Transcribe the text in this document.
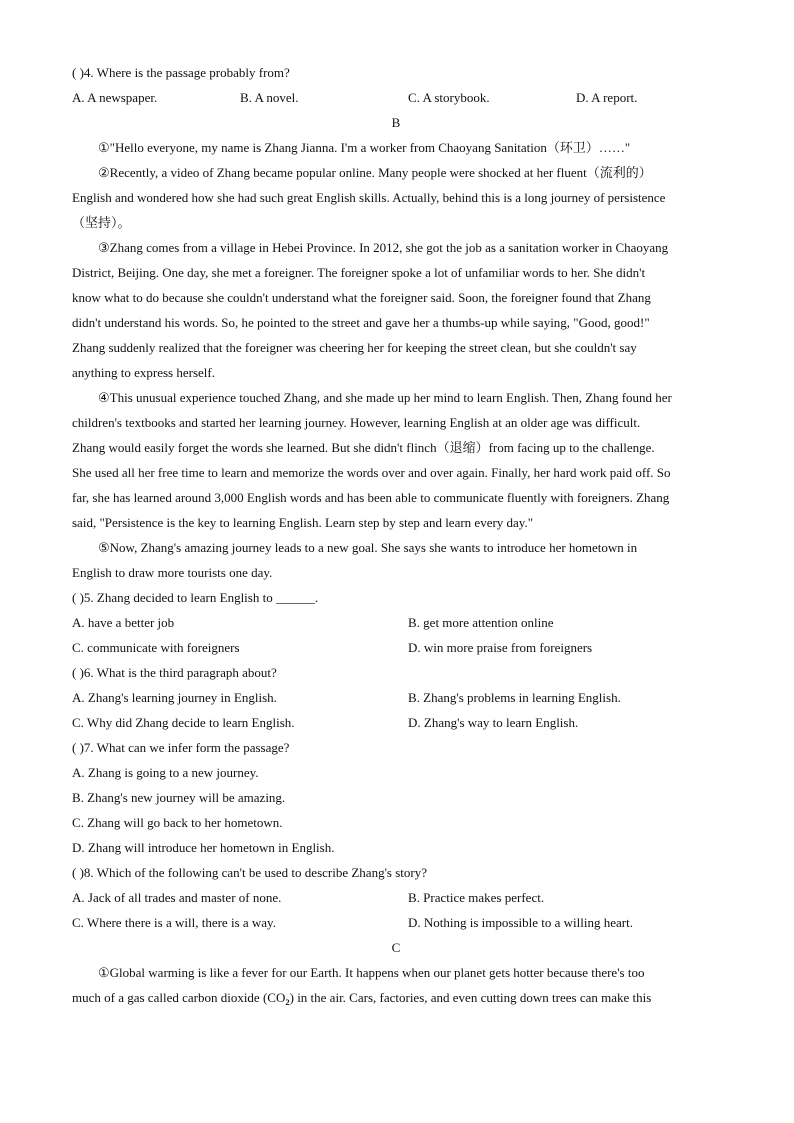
( )4. Where is the passage probably from?
A. A newspaper.	B. A novel.	C. A storybook.	D. A report.
B
①"Hello everyone, my name is Zhang Jianna. I'm a worker from Chaoyang Sanitation（环卫）……"
②Recently, a video of Zhang became popular online. Many people were shocked at her fluent（流利的）
English and wondered how she had such great English skills. Actually, behind this is a long journey of persistence
（坚持）。
③Zhang comes from a village in Hebei Province. In 2012, she got the job as a sanitation worker in Chaoyang
District, Beijing. One day, she met a foreigner. The foreigner spoke a lot of unfamiliar words to her. She didn't
know what to do because she couldn't understand what the foreigner said. Soon, the foreigner found that Zhang
didn't understand his words. So, he pointed to the street and gave her a thumbs-up while saying, "Good, good!"
Zhang suddenly realized that the foreigner was cheering her for keeping the street clean, but she couldn't say
anything to express herself.
④This unusual experience touched Zhang, and she made up her mind to learn English. Then, Zhang found her
children's textbooks and started her learning journey. However, learning English at an older age was difficult.
Zhang would easily forget the words she learned. But she didn't flinch（退缩）from facing up to the challenge.
She used all her free time to learn and memorize the words over and over again. Finally, her hard work paid off. So
far, she has learned around 3,000 English words and has been able to communicate fluently with foreigners. Zhang
said, "Persistence is the key to learning English. Learn step by step and learn every day."
⑤Now, Zhang's amazing journey leads to a new goal. She says she wants to introduce her hometown in
English to draw more tourists one day.
( )5. Zhang decided to learn English to ______.
A. have a better job	B. get more attention online
C. communicate with foreigners	D. win more praise from foreigners
( )6. What is the third paragraph about?
A. Zhang's learning journey in English.	B. Zhang's problems in learning English.
C. Why did Zhang decide to learn English.	D. Zhang's way to learn English.
( )7. What can we infer form the passage?
A. Zhang is going to a new journey.
B. Zhang's new journey will be amazing.
C. Zhang will go back to her hometown.
D. Zhang will introduce her hometown in English.
( )8. Which of the following can't be used to describe Zhang's story?
A. Jack of all trades and master of none.	B. Practice makes perfect.
C. Where there is a will, there is a way.	D. Nothing is impossible to a willing heart.
C
①Global warming is like a fever for our Earth. It happens when our planet gets hotter because there's too
much of a gas called carbon dioxide $(CO_2)$ in the air. Cars, factories, and even cutting down trees can make this
